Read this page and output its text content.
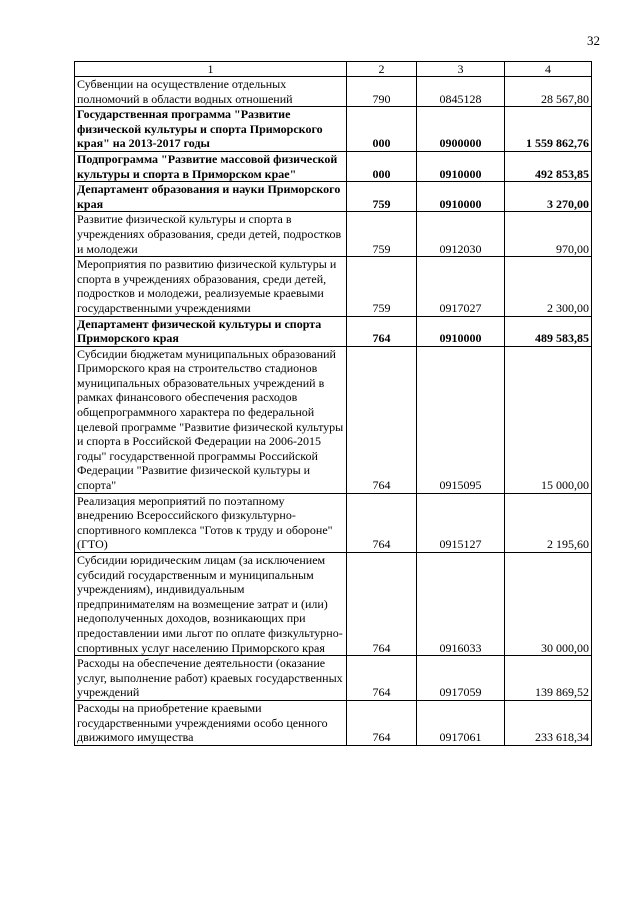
32
1	2	3	4
Субвенции на осуществление отдельных полномочий в области водных отношений	790	0845128	28 567,80
Государственная программа "Развитие физической культуры и спорта Приморского края" на 2013-2017 годы	000	0900000	1 559 862,76
Подпрограмма "Развитие массовой физической культуры и спорта в Приморском крае"	000	0910000	492 853,85
Департамент образования и науки Приморского края	759	0910000	3 270,00
Развитие физической культуры и спорта в учреждениях образования, среди детей, подростков и молодежи	759	0912030	970,00
Мероприятия по развитию физической культуры и спорта в учреждениях образования, среди детей, подростков и молодежи, реализуемые краевыми государственными учреждениями	759	0917027	2 300,00
Департамент физической культуры и спорта Приморского края	764	0910000	489 583,85
Субсидии бюджетам муниципальных образований Приморского края на строительство стадионов муниципальных образовательных учреждений в рамках финансового обеспечения расходов общепрограммного характера по федеральной целевой программе "Развитие физической культуры и спорта в Российской Федерации на 2006-2015 годы" государственной программы Российской Федерации "Развитие физической культуры и спорта"	764	0915095	15 000,00
Реализация мероприятий по поэтапному внедрению Всероссийского физкультурно-спортивного комплекса "Готов к труду и обороне" (ГТО)	764	0915127	2 195,60
Субсидии юридическим лицам (за исключением субсидий государственным и муниципальным учреждениям), индивидуальным предпринимателям на возмещение затрат и (или) недополученных доходов, возникающих при предоставлении ими льгот по оплате физкультурно-спортивных услуг населению Приморского края	764	0916033	30 000,00
Расходы на обеспечение деятельности (оказание услуг, выполнение работ) краевых государственных учреждений	764	0917059	139 869,52
Расходы на приобретение краевыми государственными учреждениями особо ценного движимого имущества	764	0917061	233 618,34
